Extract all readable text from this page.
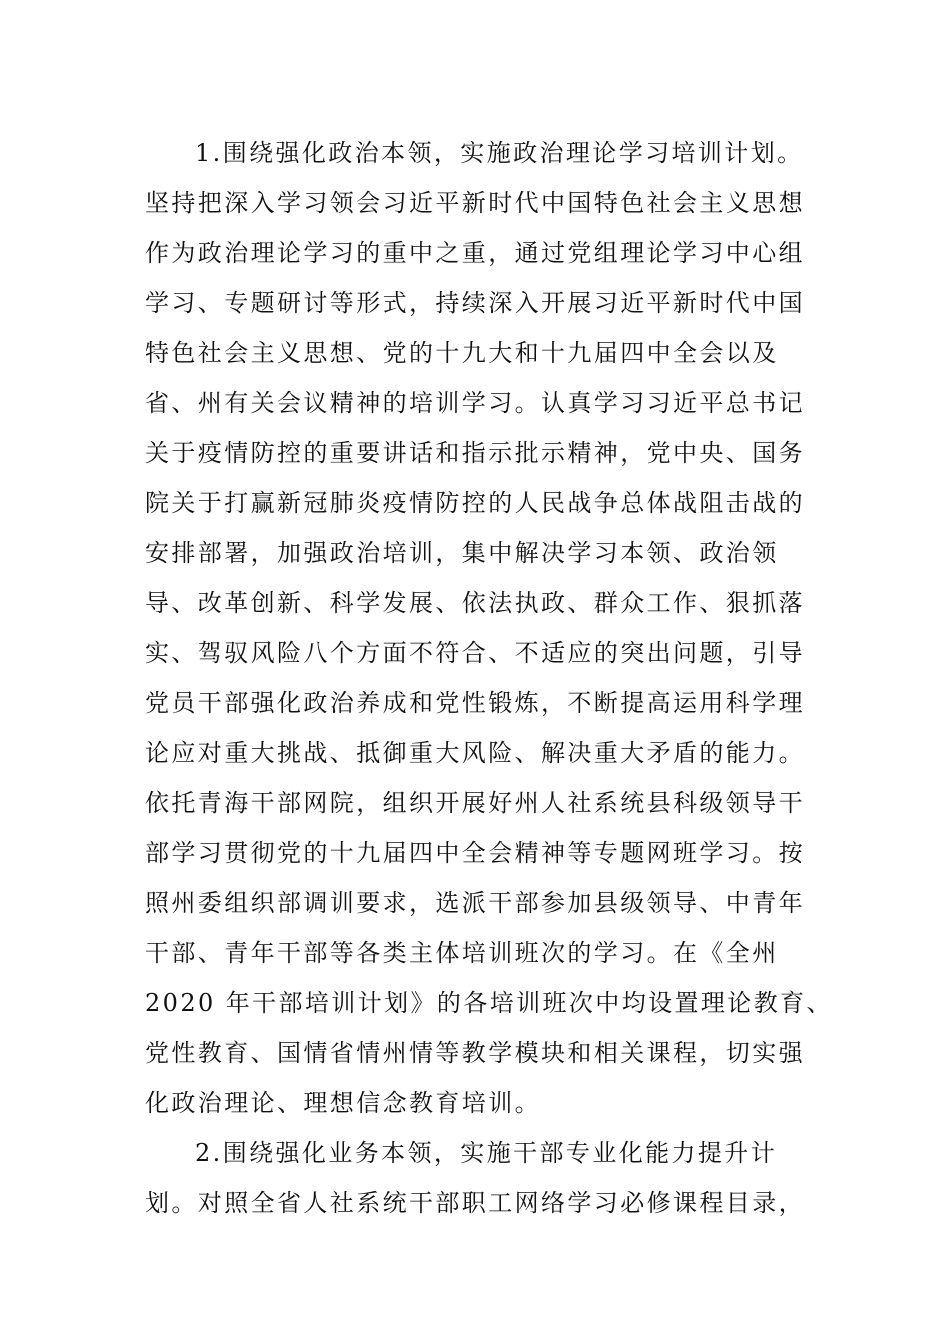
1.围绕强化政治本领，实施政治理论学习培训计划。
坚持把深入学习领会习近平新时代中国特色社会主义思想
作为政治理论学习的重中之重，通过党组理论学习中心组
学习、专题研讨等形式，持续深入开展习近平新时代中国
特色社会主义思想、党的十九大和十九届四中全会以及
省、州有关会议精神的培训学习。认真学习习近平总书记
关于疫情防控的重要讲话和指示批示精神，党中央、国务
院关于打赢新冠肺炎疫情防控的人民战争总体战阻击战的
安排部署，加强政治培训，集中解决学习本领、政治领
导、改革创新、科学发展、依法执政、群众工作、狠抓落
实、驾驭风险八个方面不符合、不适应的突出问题，引导
党员干部强化政治养成和党性锻炼，不断提高运用科学理
论应对重大挑战、抵御重大风险、解决重大矛盾的能力。
依托青海干部网院，组织开展好州人社系统县科级领导干
部学习贯彻党的十九届四中全会精神等专题网班学习。按
照州委组织部调训要求，选派干部参加县级领导、中青年
干部、青年干部等各类主体培训班次的学习。在《全州
2020 年干部培训计划》的各培训班次中均设置理论教育、
党性教育、国情省情州情等教学模块和相关课程，切实强
化政治理论、理想信念教育培训。
2.围绕强化业务本领，实施干部专业化能力提升计
划。对照全省人社系统干部职工网络学习必修课程目录，
